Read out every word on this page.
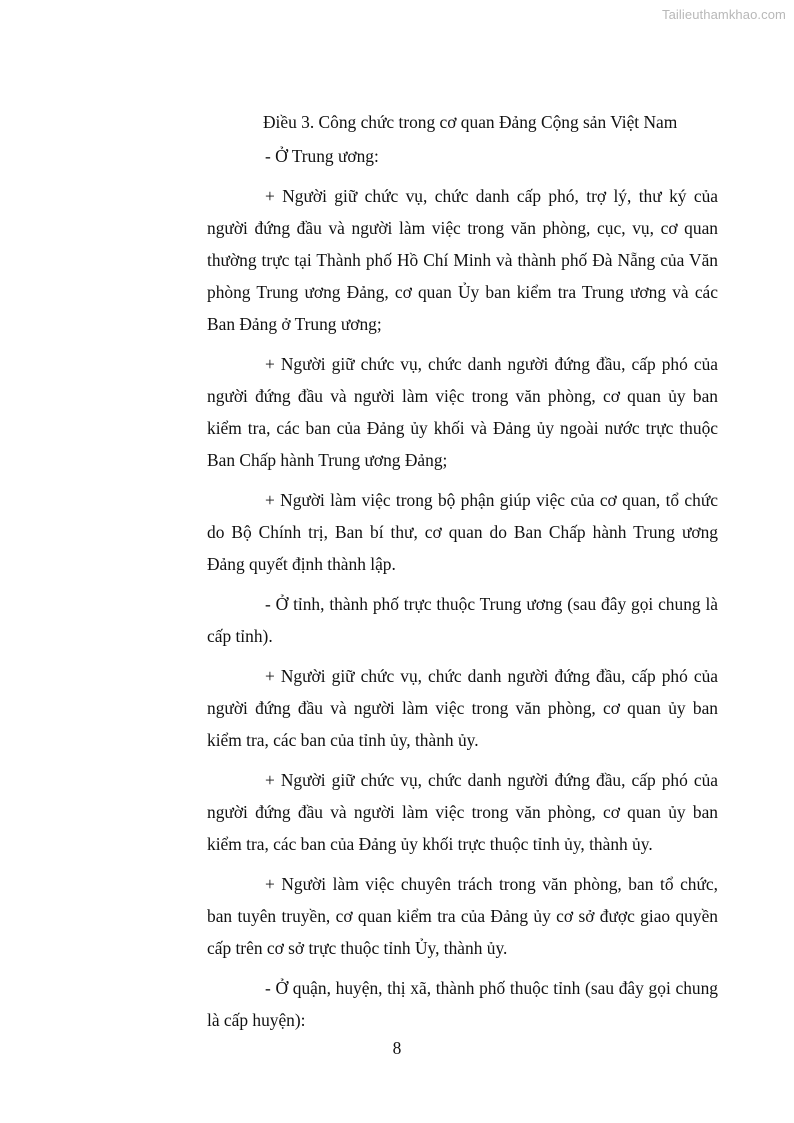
Tailieuthamkhao.com

Điều 3. Công chức trong cơ quan Đảng Cộng sản Việt Nam

- Ở Trung ương:

+ Người giữ chức vụ, chức danh cấp phó, trợ lý, thư ký của người đứng đầu và người làm việc trong văn phòng, cục, vụ, cơ quan thường trực tại Thành phố Hồ Chí Minh và thành phố Đà Nẵng của Văn phòng Trung ương Đảng, cơ quan Ủy ban kiểm tra Trung ương và các Ban Đảng ở Trung ương;

+ Người giữ chức vụ, chức danh người đứng đầu, cấp phó của người đứng đầu và người làm việc trong văn phòng, cơ quan ủy ban kiểm tra, các ban của Đảng ủy khối và Đảng ủy ngoài nước trực thuộc Ban Chấp hành Trung ương Đảng;

+ Người làm việc trong bộ phận giúp việc của cơ quan, tổ chức do Bộ Chính trị, Ban bí thư, cơ quan do Ban Chấp hành Trung ương Đảng quyết định thành lập.

- Ở tỉnh, thành phố trực thuộc Trung ương (sau đây gọi chung là cấp tỉnh).

+ Người giữ chức vụ, chức danh người đứng đầu, cấp phó của người đứng đầu và người làm việc trong văn phòng, cơ quan ủy ban kiểm tra, các ban của tỉnh ủy, thành ủy.

+ Người giữ chức vụ, chức danh người đứng đầu, cấp phó của người đứng đầu và người làm việc trong văn phòng, cơ quan ủy ban kiểm tra, các ban của Đảng ủy khối trực thuộc tỉnh ủy, thành ủy.

+ Người làm việc chuyên trách trong văn phòng, ban tổ chức, ban tuyên truyền, cơ quan kiểm tra của Đảng ủy cơ sở được giao quyền cấp trên cơ sở trực thuộc tỉnh Ủy, thành ủy.

- Ở quận, huyện, thị xã, thành phố thuộc tỉnh (sau đây gọi chung là cấp huyện):

8
